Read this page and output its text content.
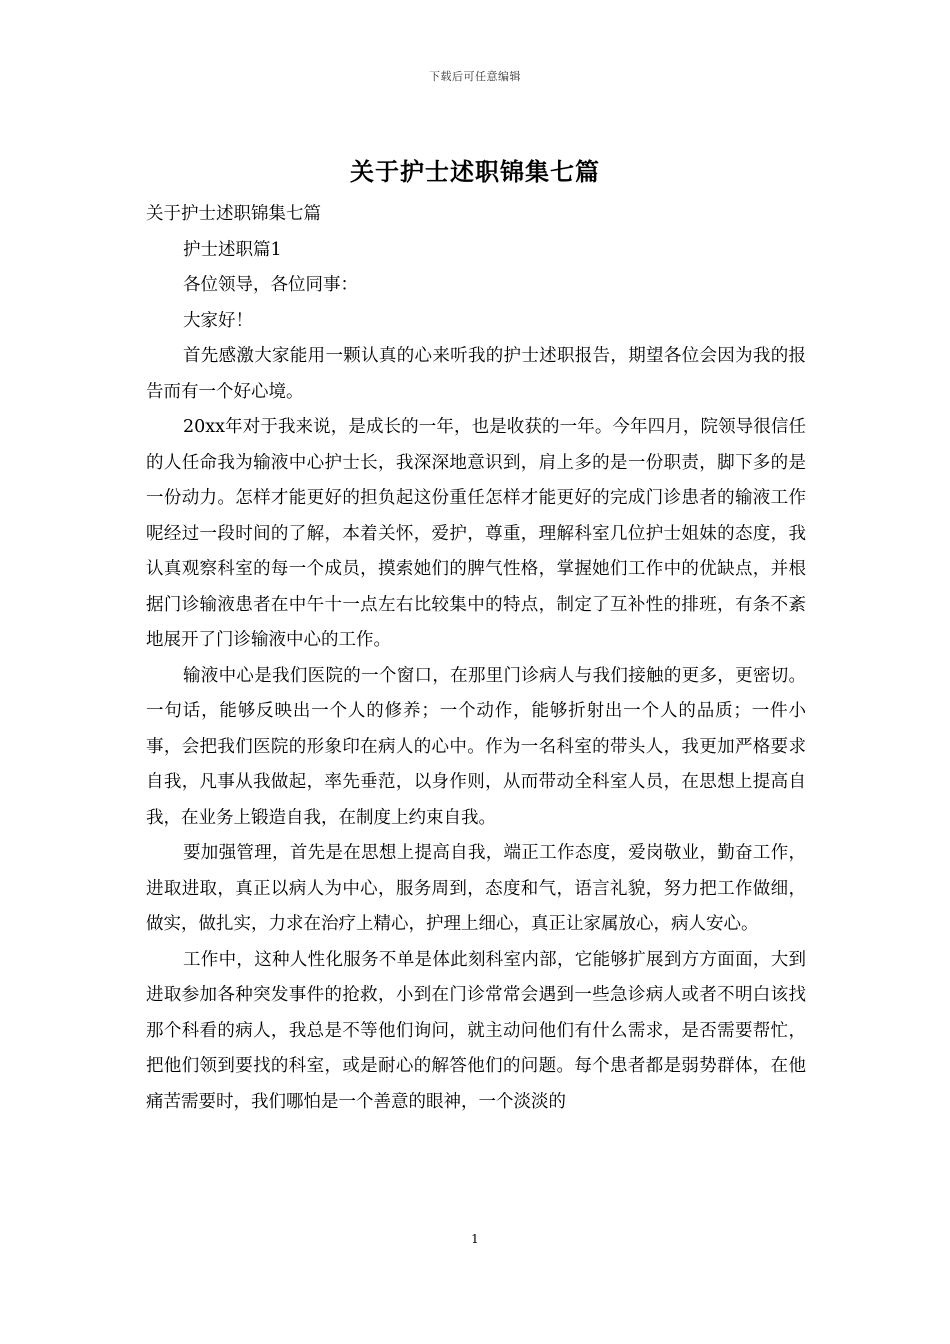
下载后可任意编辑
关于护士述职锦集七篇

关于护士述职锦集七篇

护士述职篇1

各位领导，各位同事：

大家好！

首先感激大家能用一颗认真的心来听我的护士述职报告，期望各位会因为我的报告而有一个好心境。

20xx年对于我来说，是成长的一年，也是收获的一年。今年四月，院领导很信任的人任命我为输液中心护士长，我深深地意识到，肩上多的是一份职责，脚下多的是一份动力。怎样才能更好的担负起这份重任怎样才能更好的完成门诊患者的输液工作呢经过一段时间的了解，本着关怀，爱护，尊重，理解科室几位护士姐妹的态度，我认真观察科室的每一个成员，摸索她们的脾气性格，掌握她们工作中的优缺点，并根据门诊输液患者在中午十一点左右比较集中的特点，制定了互补性的排班，有条不紊地展开了门诊输液中心的工作。

输液中心是我们医院的一个窗口，在那里门诊病人与我们接触的更多，更密切。一句话，能够反映出一个人的修养；一个动作，能够折射出一个人的品质；一件小事，会把我们医院的形象印在病人的心中。作为一名科室的带头人，我更加严格要求自我，凡事从我做起，率先垂范，以身作则，从而带动全科室人员，在思想上提高自我，在业务上锻造自我，在制度上约束自我。

要加强管理，首先是在思想上提高自我，端正工作态度，爱岗敬业，勤奋工作，进取进取，真正以病人为中心，服务周到，态度和气，语言礼貌，努力把工作做细，做实，做扎实，力求在治疗上精心，护理上细心，真正让家属放心，病人安心。

工作中，这种人性化服务不单是体此刻科室内部，它能够扩展到方方面面，大到进取参加各种突发事件的抢救，小到在门诊常常会遇到一些急诊病人或者不明白该找那个科看的病人，我总是不等他们询问，就主动问他们有什么需求，是否需要帮忙，把他们领到要找的科室，或是耐心的解答他们的问题。每个患者都是弱势群体，在他痛苦需要时，我们哪怕是一个善意的眼神，一个淡淡的

1
